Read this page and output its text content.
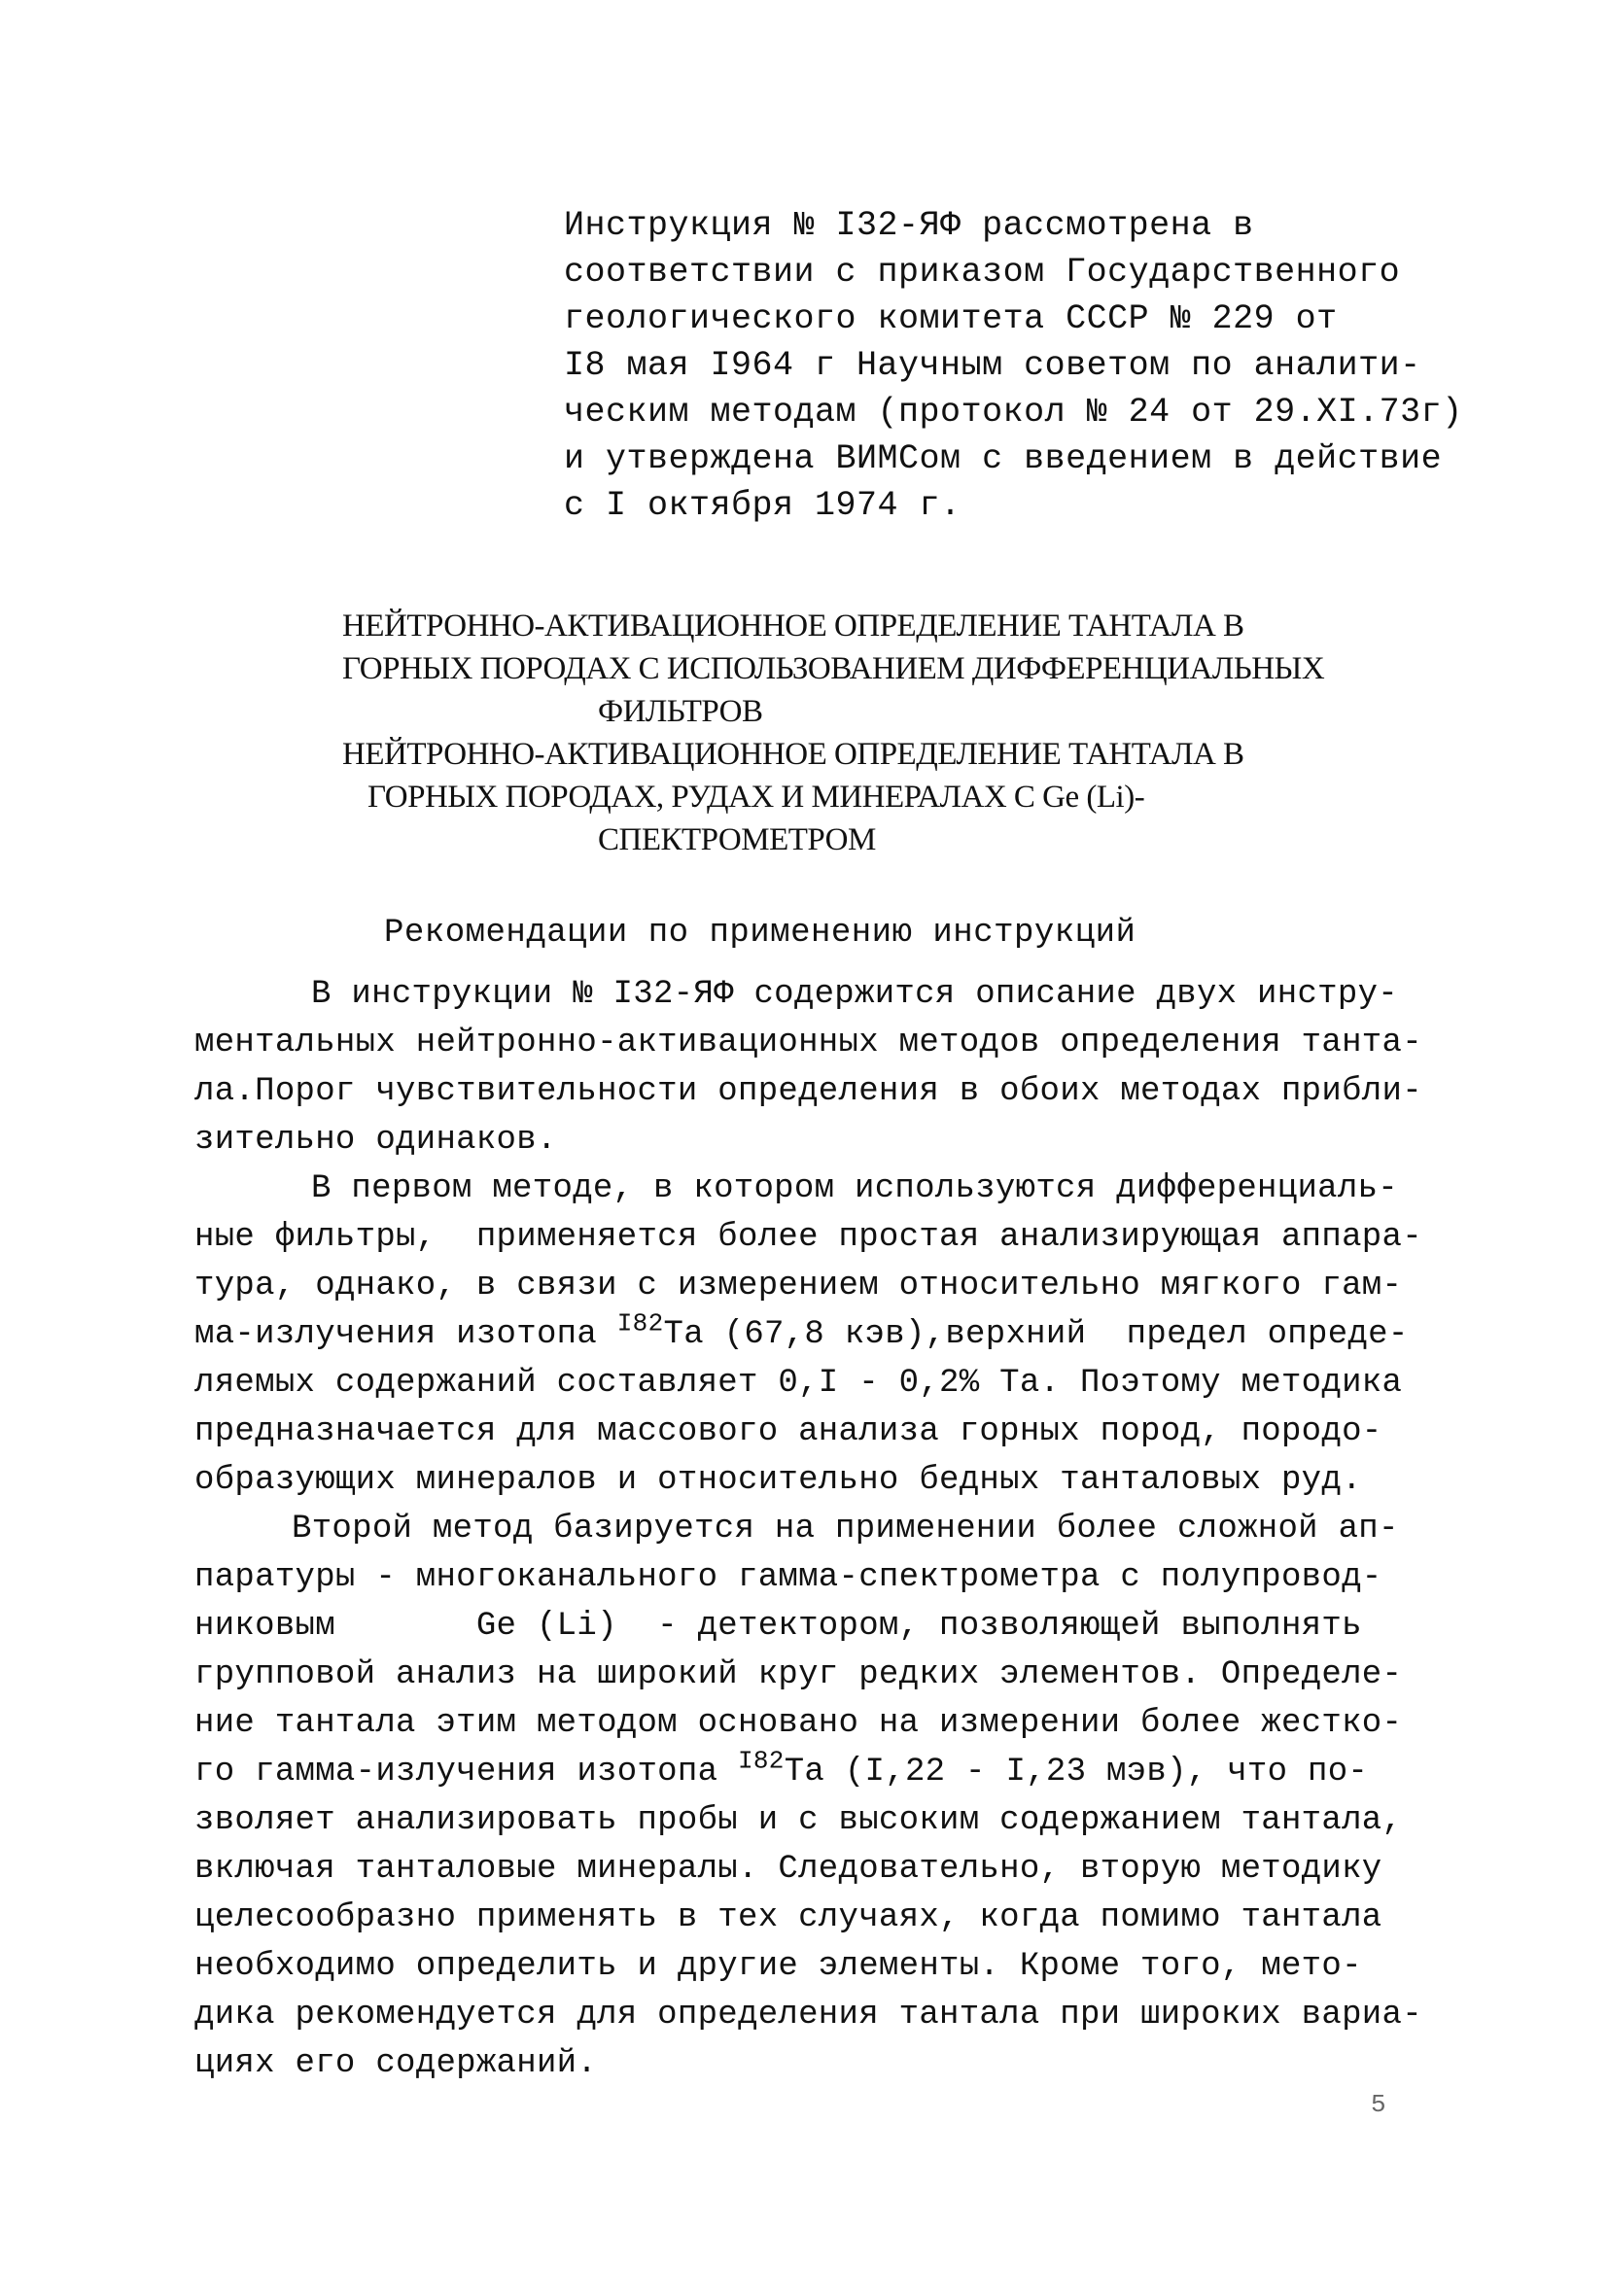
Инструкция № I32-ЯФ рассмотрена в
соответствии с приказом Государственного
геологического комитета СССР № 229 от
I8 мая I964 г Научным советом по аналити-
ческим методам (протокол № 24 от 29.XI.73г)
и утверждена ВИМСом с введением в действие
с I октября 1974 г.
НЕЙТРОННО-АКТИВАЦИОННОЕ ОПРЕДЕЛЕНИЕ ТАНТАЛА В
ГОРНЫХ ПОРОДАХ С ИСПОЛЬЗОВАНИЕМ ДИФФЕРЕНЦИАЛЬНЫХ
ФИЛЬТРОВ
НЕЙТРОННО-АКТИВАЦИОННОЕ ОПРЕДЕЛЕНИЕ ТАНТАЛА В
ГОРНЫХ ПОРОДАХ, РУДАХ И МИНЕРАЛАХ С Ge (Li)-
СПЕКТРОМЕТРОМ
Рекомендации по применению инструкций
В инструкции № I32-ЯФ содержится описание двух инстру-
ментальных нейтронно-активационных методов определения танта-
ла.Порог чувствительности определения в обоих методах прибли-
зительно одинаков.
В первом методе, в котором используются дифференциаль-
ные фильтры,  применяется более простая анализирующая аппара-
тура, однако, в связи с измерением относительно мягкого гам-
ма-излучения изотопа $^{I82}$Та (67,8 кэв),верхний  предел опреде-
ляемых содержаний составляет 0,I - 0,2% Та. Поэтому методика
предназначается для массового анализа горных пород, породо-
образующих минералов и относительно бедных танталовых руд.
Второй метод базируется на применении более сложной ап-
паратуры - многоканального гамма-спектрометра с полупровод-
никовым       Ge (Li)  - детектором, позволяющей выполнять
групповой анализ на широкий круг редких элементов. Определе-
ние тантала этим методом основано на измерении более жестко-
го гамма-излучения изотопа $^{I82}$Та (I,22 - I,23 мэв), что по-
зволяет анализировать пробы и с высоким содержанием тантала,
включая танталовые минералы. Следовательно, вторую методику
целесообразно применять в тех случаях, когда помимо тантала
необходимо определить и другие элементы. Кроме того, мето-
дика рекомендуется для определения тантала при широких вариа-
циях его содержаний.
5
